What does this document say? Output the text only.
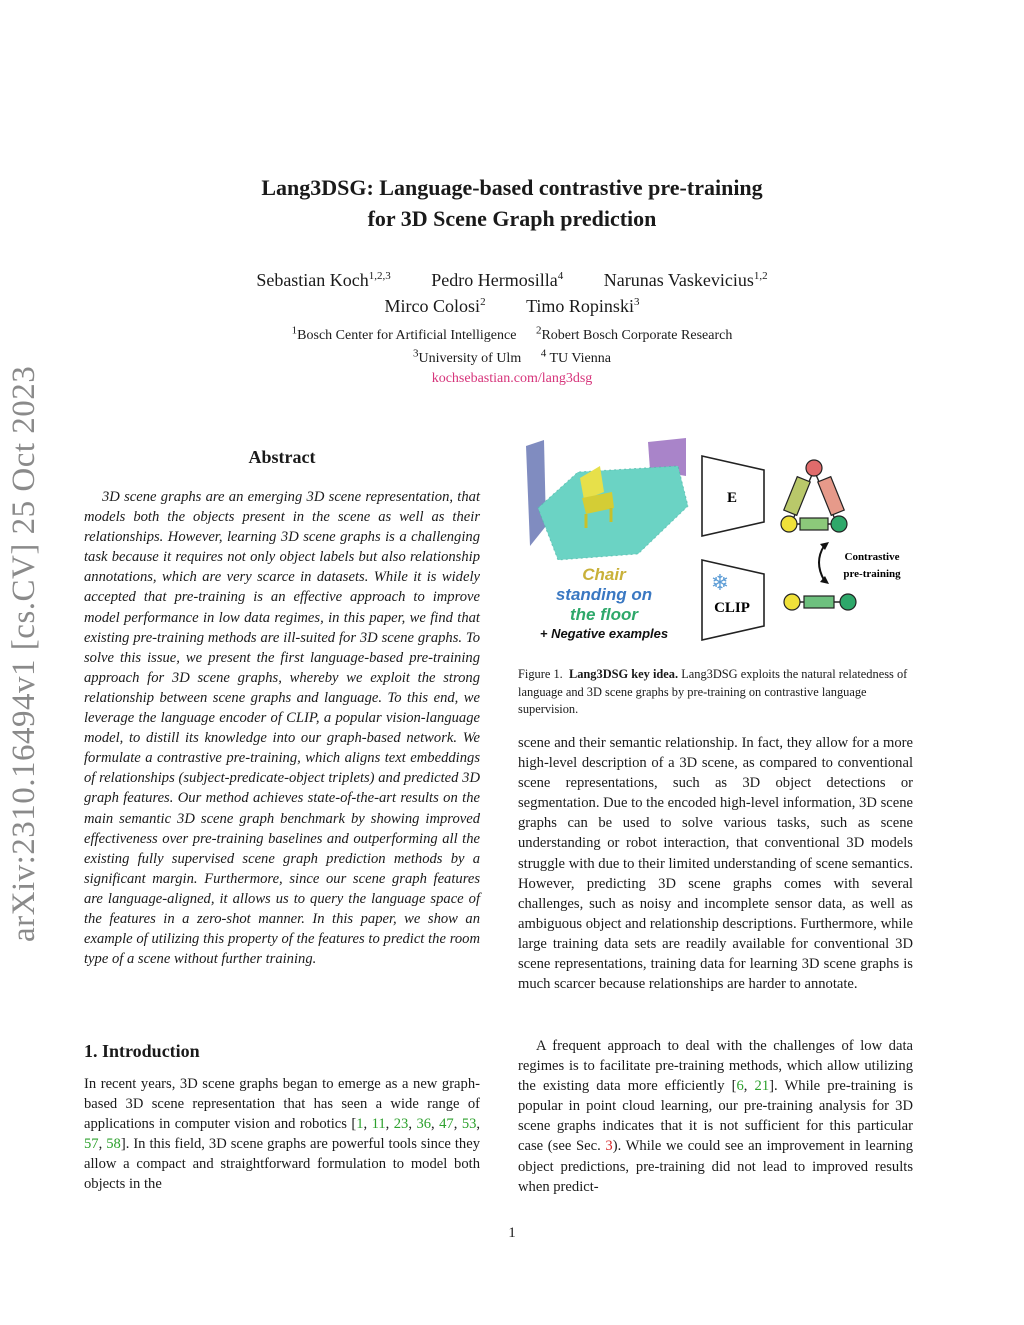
arXiv:2310.16494v1 [cs.CV] 25 Oct 2023
Lang3DSG: Language-based contrastive pre-training
for 3D Scene Graph prediction
Sebastian Koch$^{1,2,3}$ Pedro Hermosilla$^4$ Narunas Vaskevicius$^{1,2}$
Mirco Colosi$^2$ Timo Ropinski$^3$
$^1$Bosch Center for Artificial Intelligence $^2$Robert Bosch Corporate Research
$^3$University of Ulm $^4$ TU Vienna
kochsebastian.com/lang3dsg
Abstract
3D scene graphs are an emerging 3D scene representation, that models both the objects present in the scene as well as their relationships. However, learning 3D scene graphs is a challenging task because it requires not only object labels but also relationship annotations, which are very scarce in datasets. While it is widely accepted that pre-training is an effective approach to improve model performance in low data regimes, in this paper, we find that existing pre-training methods are ill-suited for 3D scene graphs. To solve this issue, we present the first language-based pre-training approach for 3D scene graphs, whereby we exploit the strong relationship between scene graphs and language. To this end, we leverage the language encoder of CLIP, a popular vision-language model, to distill its knowledge into our graph-based network. We formulate a contrastive pre-training, which aligns text embeddings of relationships (subject-predicate-object triplets) and predicted 3D graph features. Our method achieves state-of-the-art results on the main semantic 3D scene graph benchmark by showing improved effectiveness over pre-training baselines and outperforming all the existing fully supervised scene graph prediction methods by a significant margin. Furthermore, since our scene graph features are language-aligned, it allows us to query the language space of the features in a zero-shot manner. In this paper, we show an example of utilizing this property of the features to predict the room type of a scene without further training.
1. Introduction
In recent years, 3D scene graphs began to emerge as a new graph-based 3D scene representation that has seen a wide range of applications in computer vision and robotics [1, 11, 23, 36, 47, 53, 57, 58]. In this field, 3D scene graphs are powerful tools since they allow a compact and straightforward formulation to model both objects in the
Chair
standing on
the floor
+ Negative examples
E
❄
CLIP
Contrastive
pre-training
Figure 1. Lang3DSG key idea. Lang3DSG exploits the natural relatedness of language and 3D scene graphs by pre-training on contrastive language supervision.
scene and their semantic relationship. In fact, they allow for a more high-level description of a 3D scene, as compared to conventional scene representations, such as 3D object detections or segmentation. Due to the encoded high-level information, 3D scene graphs can be used to solve various tasks, such as scene understanding or robot interaction, that conventional 3D models struggle with due to their limited understanding of scene semantics. However, predicting 3D scene graphs comes with several challenges, such as noisy and incomplete sensor data, as well as ambiguous object and relationship descriptions. Furthermore, while large training data sets are readily available for conventional 3D scene representations, training data for learning 3D scene graphs is much scarcer because relationships are harder to annotate.
A frequent approach to deal with the challenges of low data regimes is to facilitate pre-training methods, which allow utilizing the existing data more efficiently [6, 21]. While pre-training is popular in point cloud learning, our pre-training analysis for 3D scene graphs indicates that it is not sufficient for this particular case (see Sec. 3). While we could see an improvement in learning object predictions, pre-training did not lead to improved results when predict-
1
